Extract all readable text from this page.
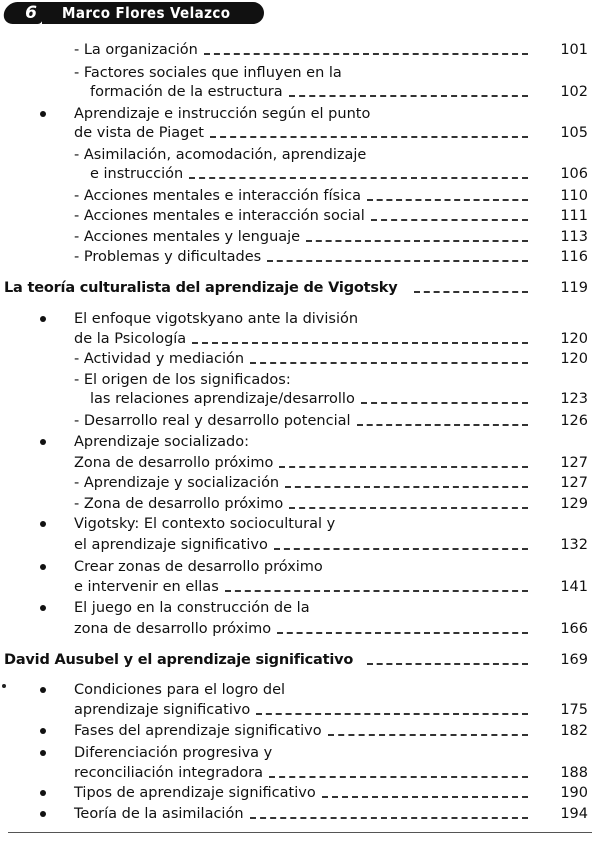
6 Marco Flores Velazco
- La organización	101
- Factores sociales que influyen en la
formación de la estructura	102
Aprendizaje e instrucción según el punto
de vista de Piaget	105
- Asimilación, acomodación, aprendizaje
e instrucción	106
- Acciones mentales e interacción física	110
- Acciones mentales e interacción social	111
- Acciones mentales y lenguaje	113
- Problemas y dificultades	116
La teoría culturalista del aprendizaje de Vigotsky	119
El enfoque vigotskyano ante la división
de la Psicología	120
- Actividad y mediación	120
- El origen de los significados:
las relaciones aprendizaje/desarrollo	123
- Desarrollo real y desarrollo potencial	126
Aprendizaje socializado:
Zona de desarrollo próximo	127
- Aprendizaje y socialización	127
- Zona de desarrollo próximo	129
Vigotsky: El contexto sociocultural y
el aprendizaje significativo	132
Crear zonas de desarrollo próximo
e intervenir en ellas	141
El juego en la construcción de la
zona de desarrollo próximo	166
David Ausubel y el aprendizaje significativo	169
Condiciones para el logro del
aprendizaje significativo	175
Fases del aprendizaje significativo	182
Diferenciación progresiva y
reconciliación integradora	188
Tipos de aprendizaje significativo	190
Teoría de la asimilación	194
